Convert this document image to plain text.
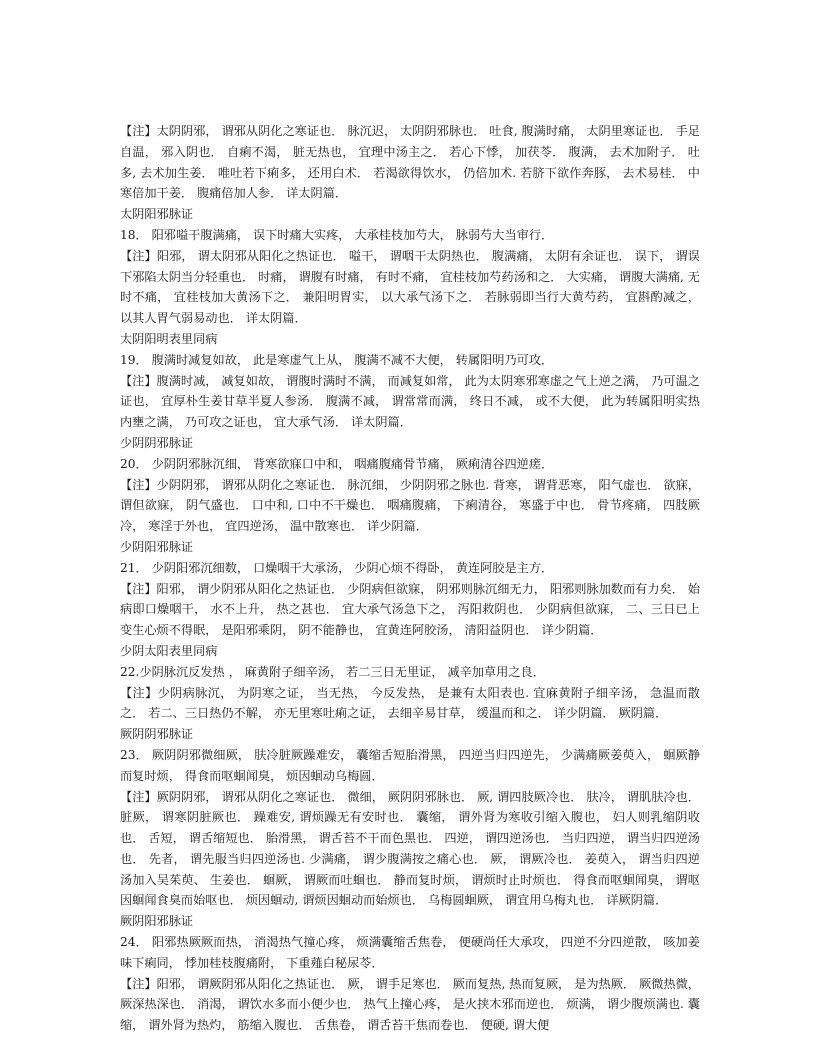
【注】太阴阴邪， 谓邪从阴化之寒证也． 脉沉迟， 太阴阴邪脉也． 吐食, 腹满时痛， 太阴里寒证也． 手足自温， 邪入阴也． 自痢不渴， 脏无热也， 宜理中汤主之． 若心下悸， 加茯苓． 腹满， 去术加附子． 吐多, 去术加生姜． 唯吐若下痢多， 还用白术． 若渴欲得饮水， 仍倍加术. 若脐下欲作奔豚， 去术易桂． 中寒倍加干姜． 腹痛倍加人参． 详太阴篇．

太阴阳邪脉证

18． 阳邪嗌干腹满痛， 误下时痛大实疼， 大承桂枝加芍大， 脉弱芍大当审行．

【注】阳邪， 谓太阴邪从阳化之热证也． 嗌干， 谓咽干太阴热也． 腹满痛， 太阴有余证也． 误下， 谓误下邪陷太阴当分轻重也． 时痛， 谓腹有时痛， 有时不痛， 宜桂枝加芍药汤和之． 大实痛， 谓腹大满痛, 无时不痛， 宜桂枝加大黄汤下之． 兼阳明胃实， 以大承气汤下之． 若脉弱即当行大黄芍药， 宜斟酌减之， 以其人胃气弱易动也． 详太阴篇．

太阴阳明表里同病

19． 腹满时减复如故， 此是寒虚气上从， 腹满不减不大便， 转属阳明乃可攻．

【注】腹满时减， 减复如故， 谓腹时满时不满， 而减复如常， 此为太阴寒邪寒虚之气上逆之满， 乃可温之证也， 宜厚朴生姜甘草半夏人参汤． 腹满不减， 谓常常而满， 终日不减， 或不大便， 此为转属阳明实热内壅之满， 乃可攻之证也， 宜大承气汤． 详太阴篇．

少阴阴邪脉证

20． 少阴阴邪脉沉细， 背寒欲寐口中和， 咽痛腹痛骨节痛， 厥痢清谷四逆瘥．

【注】少阴阴邪， 谓邪从阴化之寒证也． 脉沉细， 少阴阴邪之脉也. 背寒， 谓背恶寒， 阳气虚也． 欲寐， 谓但欲寐， 阴气盛也． 口中和, 口中不干燥也． 咽痛腹痛， 下痢清谷， 寒盛于中也． 骨节疼痛， 四肢厥冷， 寒淫于外也， 宜四逆汤， 温中散寒也． 详少阴篇．

少阴阳邪脉证

21． 少阴阳邪沉细数， 口燥咽干大承汤， 少阴心烦不得卧， 黄连阿胶是主方．

【注】阳邪， 谓少阴邪从阳化之热证也． 少阴病但欲寐， 阴邪则脉沉细无力， 阳邪则脉加数而有力矣． 始病即口燥咽干， 水不上升， 热之甚也． 宜大承气汤急下之， 泻阳救阴也． 少阴病但欲寐， 二、三日已上变生心烦不得眠， 是阳邪乘阴， 阴不能静也， 宜黄连阿胶汤， 清阳益阴也． 详少阴篇．

少阴太阳表里同病

22.少阴脉沉反发热 ， 麻黄附子细辛汤， 若二三日无里证， 减辛加草用之良．

【注】少阴病脉沉， 为阴寒之证， 当无热， 今反发热， 是兼有太阳表也. 宜麻黄附子细辛汤， 急温而散之． 若二、三日热仍不解， 亦无里寒吐痢之证， 去细辛易甘草， 缓温而和之． 详少阴篇． 厥阴篇．

厥阴阴邪脉证

23． 厥阴阴邪微细厥， 肤冷脏厥躁难安， 囊缩舌短胎滑黑， 四逆当归四逆先， 少满痛厥姜萸入， 蛔厥静而复时烦， 得食而呕蛔闻臭， 烦因蛔动乌梅圆．

【注】厥阴阴邪， 谓邪从阴化之寒证也． 微细， 厥阴阴邪脉也． 厥, 谓四肢厥冷也． 肤冷， 谓肌肤冷也． 脏厥， 谓寒阴脏厥也． 躁难安, 谓烦躁无有安时也． 囊缩， 谓外肾为寒收引缩入腹也， 妇人则乳缩阴收也． 舌短， 谓舌缩短也． 胎滑黑， 谓舌苔不干而色黑也． 四逆， 谓四逆汤也． 当归四逆， 谓当归四逆汤也． 先者， 谓先服当归四逆汤也. 少满痛， 谓少腹满按之痛心也． 厥， 谓厥冷也． 姜萸入， 谓当归四逆汤加入吴茱萸、 生姜也． 蛔厥， 谓厥而吐蛔也． 静而复时烦， 谓烦时止时烦也． 得食而呕蛔闻臭， 谓呕因蛔闻食臭而始呕也． 烦因蛔动, 谓烦因蛔动而始烦也． 乌梅圆蛔厥， 谓宜用乌梅丸也． 详厥阴篇．

厥阴阳邪脉证

24． 阳邪热厥厥而热， 消渴热气撞心疼， 烦满囊缩舌焦卷， 便硬尚任大承攻， 四逆不分四逆散， 咳加姜味下痢同， 悸加桂枝腹痛附， 下重薤白秘尿苓．

【注】阳邪， 谓厥阴邪从阳化之热证也． 厥， 谓手足寒也． 厥而复热, 热而复厥， 是为热厥． 厥微热微， 厥深热深也． 消渴， 谓饮水多而小便少也． 热气上撞心疼， 是火挟木邪而逆也． 烦满， 谓少腹烦满也. 囊缩， 谓外肾为热灼， 筋缩入腹也． 舌焦卷， 谓舌苔干焦而卷也． 便硬, 谓大便
